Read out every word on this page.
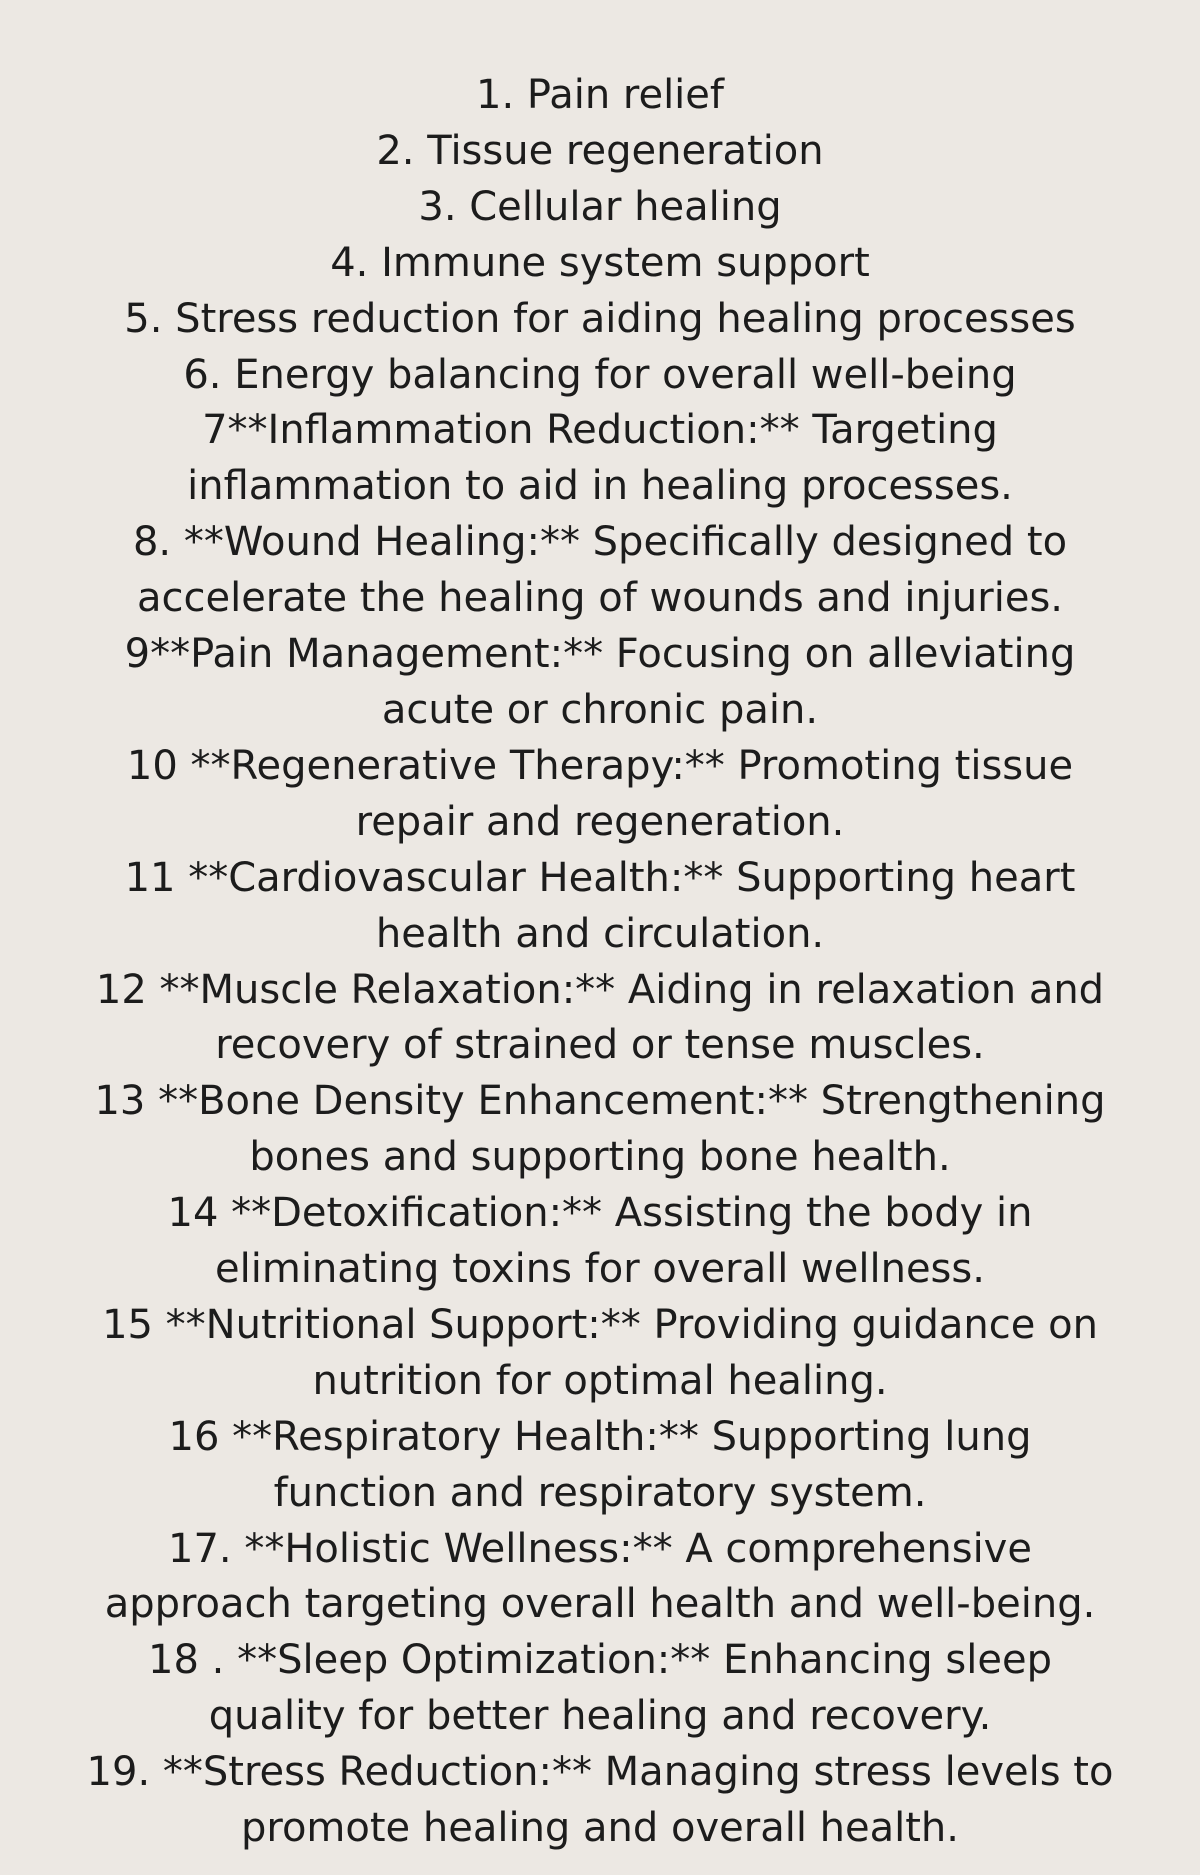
1. Pain relief
2. Tissue regeneration
3. Cellular healing
4. Immune system support
5. Stress reduction for aiding healing processes
6. Energy balancing for overall well-being
7**Inflammation Reduction:** Targeting
inflammation to aid in healing processes.
8. **Wound Healing:** Specifically designed to
accelerate the healing of wounds and injuries.
9**Pain Management:** Focusing on alleviating
acute or chronic pain.
10 **Regenerative Therapy:** Promoting tissue
repair and regeneration.
11 **Cardiovascular Health:** Supporting heart
health and circulation.
12 **Muscle Relaxation:** Aiding in relaxation and
recovery of strained or tense muscles.
13 **Bone Density Enhancement:** Strengthening
bones and supporting bone health.
14 **Detoxification:** Assisting the body in
eliminating toxins for overall wellness.
15 **Nutritional Support:** Providing guidance on
nutrition for optimal healing.
16 **Respiratory Health:** Supporting lung
function and respiratory system.
17. **Holistic Wellness:** A comprehensive
approach targeting overall health and well-being.
18 . **Sleep Optimization:** Enhancing sleep
quality for better healing and recovery.
19. **Stress Reduction:** Managing stress levels to
promote healing and overall health.
